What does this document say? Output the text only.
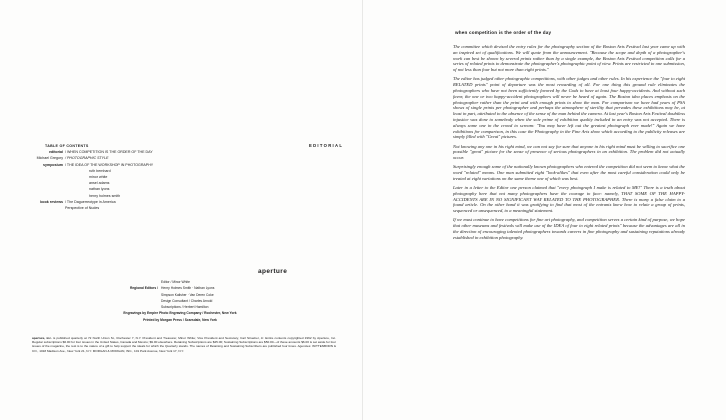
TABLE OF CONTENTS
editorial / WHEN COMPETITION IS THE ORDER OF THE DAY
Michael Gregory / PHOTOGRAPHIC STYLE
symposium / THE IDEA OF THE WORKSHOP IN PHOTOGRAPHY
ruth bernhard
minor white
ansel adams
nathan lyons
henry holmes smith
book reviews / The Daguerreotype in America
Perspective of Nudes
EDITORIAL
aperture
Editor / Minor White
Regional Editors / Henry Holmes Smith · Nathan Lyons
Simpson Kalisher · Van Deren Coke
Design Consultant / Charles Arnold
Subscriptions / Herbert Hamilton
Engravings by Empire Photo Engraving Company / Rochester, New York
Printed by Morgan Press / Scarsdale, New York
aperture, inc. is published quarterly at 72 North Union St., Rochester 7, N.Y. President and Treasurer, Minor White; Vice President and Secretary, Carl Strueber, Jr. Entire contents copyrighted 1962 by Aperture, Inc. Regular subscriptions $6.00 for four issues in the United States, Canada and Mexico; $9.00 elsewhere. Retaining Subscriptions are $25.00; Sustaining Subscriptions are $50.00—of these amounts $6.00 is set aside for four issues of the magazine, the rest is to the nature of a gift to help support the ideals for which the Quarterly stands. The names of Retaining and Sustaining Subscribers are published four times. Agencies: WITTENBORN & CO., 1018 Madison Ave., New York 21, N.Y. MORGAN & MORGAN, INC., 101 Park Avenue, New York 17, N.Y.
when competition is the order of the day

The committee which devised the entry rules for the photography section of the Boston Arts Festival last year came up with an inspired set of qualifications. We will quote from the announcement. "Because the scope and depth of a photographer's work can best be shown by several prints rather than by a single example, the Boston Arts Festival competition calls for a series of related prints to demonstrate the photographer's photographic point of view. Prints are restricted to one submission, of not less than four but not more than eight prints."

The editor has judged other photographic competitions, with other judges and other rules. In his experience the "four to eight RELATED prints" point of departure was the most rewarding of all. For one thing this ground rule eliminates the photographers who have not been sufficiently favored by the Gods to have at least four happy-accidents. And without such favor, the one or two happy-accident photographers will never be heard of again. The Boston idea places emphasis on the photographer rather than the print and with enough prints to show the man. For comparison we have had years of PSA shows of single prints per photographer and perhaps the atmosphere of sterility that pervades these exhibitions may be, at least in part, attributed to the absence of the sense of the man behind the camera. At last year's Boston Arts Festival doubtless injustice was done to somebody when the sole prime of exhibition quality included in an entry was not accepted. There is always some one in the crowd to scream: "You may have left out the greatest photograph ever made!" Again we have exhibitions for comparison, in this case the Photography in the Fine Arts show which according to the publicity releases are simply filled with "Great" pictures.

Not knowing any one in his right mind, we can not say for sure that anyone in his right mind must be willing to sacrifice one possible "great" picture for the sense of presence of serious photographers in an exhibition. The problem did not actually occur.

Surprisingly enough some of the nationally known photographers who entered the competition did not seem to know what the word "related" means. One man submitted eight "look-alikes" that even after the most careful consideration could only be treated at eight variations on the same theme one of which was best.

Later in a letter to the Editor one person claimed that "every photograph I make is related to ME!" There is a truth about photography here that not many photographers have the courage to face: namely, THAT SOME OF THE HAPPY-ACCIDENTS ARE IN NO SIGNIFICANT WAY RELATED TO THE PHOTOGRAPHER. There is many a false claim to a found article. On the other hand it was gratifying to find that most of the entrants knew how to relate a group of prints, sequenced or unsequenced, to a meaningful statement.

If we must continue to have competitions for fine art photography, and competition serves a certain kind of purpose, we hope that other museums and festivals will make use of the IDEA of four to eight related prints" because the advantages are all in the direction of encouraging talented photographers towards careers in fine photography and sustaining reputations already established in exhibition photography.
